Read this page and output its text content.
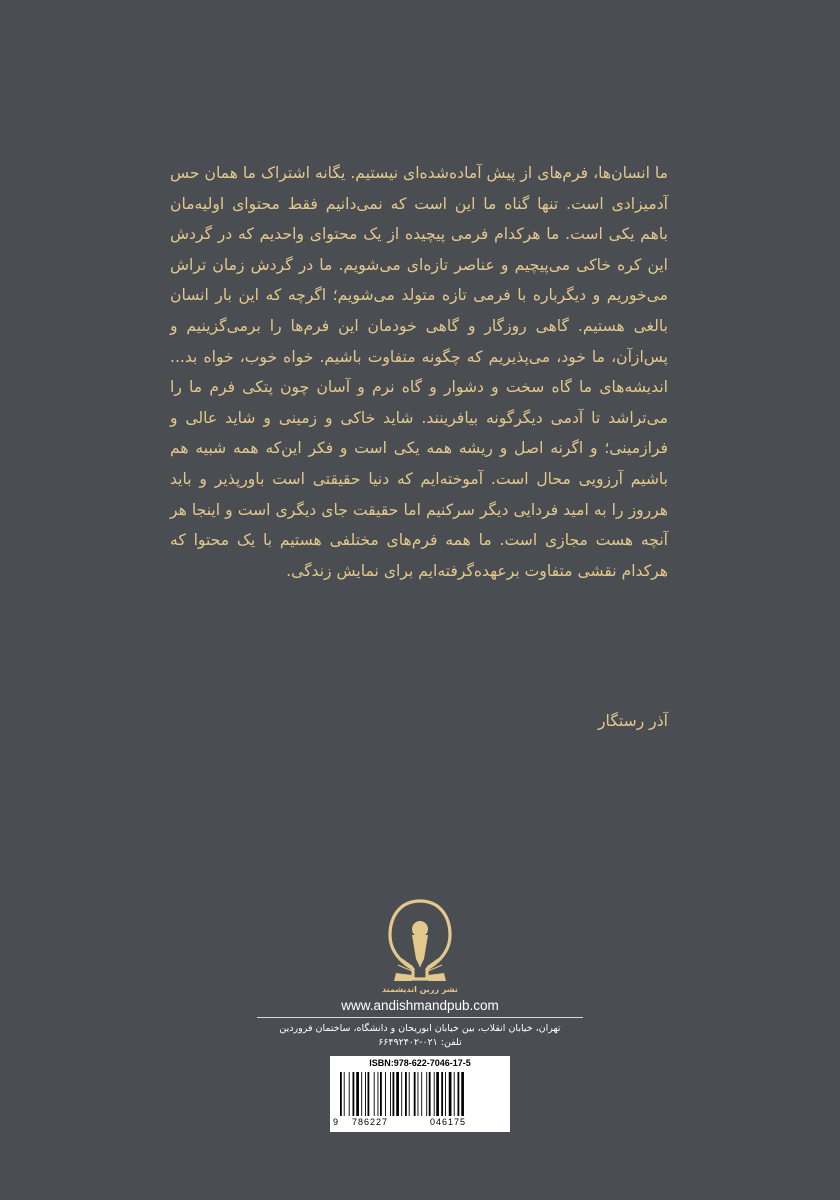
ما انسان‌ها، فرم‌های از پیش آماده‌شده‌ای نیستیم. یگانه اشتراک ما همان حس آدمیزادی است. تنها گناه ما این است که نمی‌دانیم فقط محتوای اولیه‌مان باهم یکی است. ما هرکدام فرمی پیچیده از یک محتوای واحدیم که در گردش این کره خاکی می‌پیچیم و عناصر تازه‌ای می‌شویم. ما در گردش زمان تراش می‌خوریم و دیگرباره با فرمی تازه متولد می‌شویم؛ اگرچه که این بار انسان بالغی هستیم. گاهی روزگار و گاهی خودمان این فرم‌ها را برمی‌گزینیم و پس‌ازآن، ما خود، می‌پذیریم که چگونه متفاوت باشیم. خواه خوب، خواه بد... اندیشه‌های ما گاه سخت و دشوار و گاه نرم و آسان چون پتکی فرم ما را می‌تراشد تا آدمی دیگرگونه بیافرینند. شاید خاکی و زمینی و شاید عالی و فرازمینی؛ و اگرنه اصل و ریشه همه یکی است و فکر این‌که همه شبیه هم باشیم آرزویی محال است. آموخته‌ایم که دنیا حقیقتی است باورپذیر و باید هرروز را به امید فردایی دیگر سرکنیم اما حقیقت جای دیگری است و اینجا هر آنچه هست مجازی است. ما همه فرم‌های مختلفی هستیم با یک محتوا که هرکدام نقشی متفاوت برعهده‌گرفته‌ایم برای نمایش زندگی.

آذر رستگار
نشر زرین اندیشمند
www.andishmandpub.com
تهران، خیابان انقلاب، بین خیابان ابوریحان و دانشگاه، ساختمان فروردین
تلفن: ۰۲۱-۶۶۴۹۲۴۰۲
ISBN:978-622-7046-17-5
9 786227	046175
